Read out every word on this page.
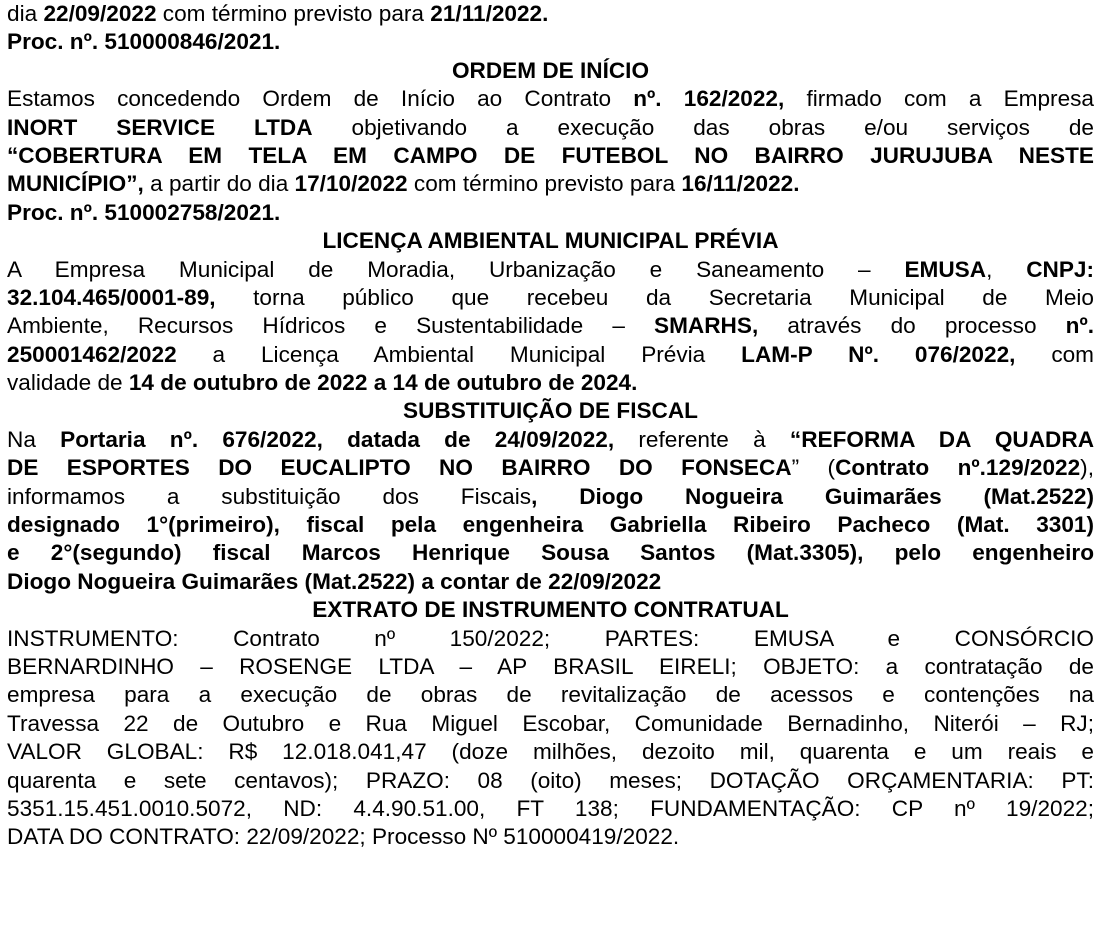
dia 22/09/2022 com término previsto para 21/11/2022.
Proc. nº. 510000846/2021.
ORDEM DE INÍCIO
Estamos concedendo Ordem de Início ao Contrato nº. 162/2022, firmado com a Empresa
INORT SERVICE LTDA objetivando a execução das obras e/ou serviços de
“COBERTURA EM TELA EM CAMPO DE FUTEBOL NO BAIRRO JURUJUBA NESTE
MUNICÍPIO”, a partir do dia 17/10/2022 com término previsto para 16/11/2022.
Proc. nº. 510002758/2021.
LICENÇA AMBIENTAL MUNICIPAL PRÉVIA
A Empresa Municipal de Moradia, Urbanização e Saneamento – EMUSA, CNPJ:
32.104.465/0001-89, torna público que recebeu da Secretaria Municipal de Meio
Ambiente, Recursos Hídricos e Sustentabilidade – SMARHS, através do processo nº.
250001462/2022 a Licença Ambiental Municipal Prévia LAM-P Nº. 076/2022, com
validade de 14 de outubro de 2022 a 14 de outubro de 2024.
SUBSTITUIÇÃO DE FISCAL
Na Portaria nº. 676/2022, datada de 24/09/2022, referente à “REFORMA DA QUADRA
DE ESPORTES DO EUCALIPTO NO BAIRRO DO FONSECA” (Contrato nº.129/2022),
informamos a substituição dos Fiscais, Diogo Nogueira Guimarães (Mat.2522)
designado 1°(primeiro), fiscal pela engenheira Gabriella Ribeiro Pacheco (Mat. 3301)
e 2°(segundo) fiscal Marcos Henrique Sousa Santos (Mat.3305), pelo engenheiro
Diogo Nogueira Guimarães (Mat.2522) a contar de 22/09/2022
EXTRATO DE INSTRUMENTO CONTRATUAL
INSTRUMENTO: Contrato nº 150/2022; PARTES: EMUSA e CONSÓRCIO
BERNARDINHO – ROSENGE LTDA – AP BRASIL EIRELI; OBJETO: a contratação de
empresa para a execução de obras de revitalização de acessos e contenções na
Travessa 22 de Outubro e Rua Miguel Escobar, Comunidade Bernadinho, Niterói – RJ;
VALOR GLOBAL: R$ 12.018.041,47 (doze milhões, dezoito mil, quarenta e um reais e
quarenta e sete centavos); PRAZO: 08 (oito) meses; DOTAÇÃO ORÇAMENTARIA: PT:
5351.15.451.0010.5072, ND: 4.4.90.51.00, FT 138; FUNDAMENTAÇÃO: CP nº 19/2022;
DATA DO CONTRATO: 22/09/2022; Processo Nº 510000419/2022.
